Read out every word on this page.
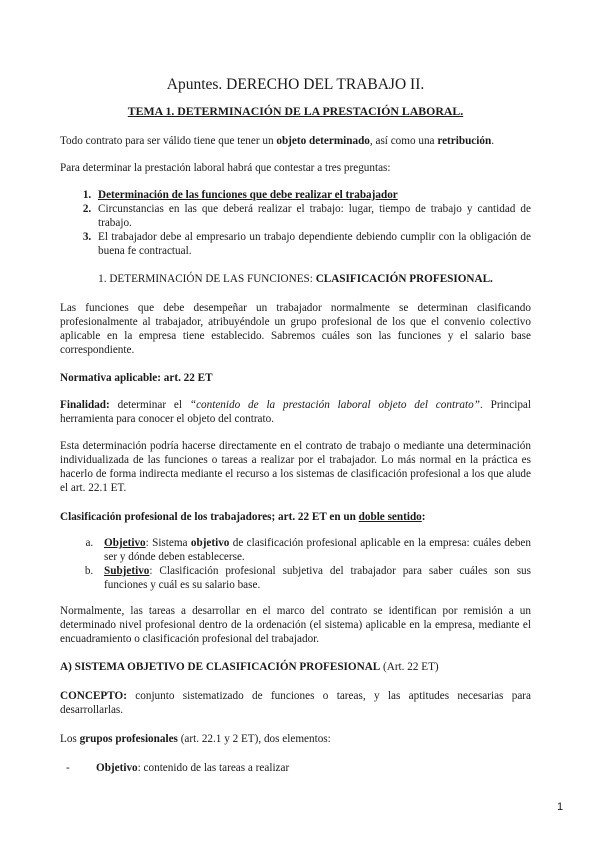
Apuntes. DERECHO DEL TRABAJO II.
TEMA 1. DETERMINACIÓN DE LA PRESTACIÓN LABORAL.
Todo contrato para ser válido tiene que tener un objeto determinado, así como una retribución.
Para determinar la prestación laboral habrá que contestar a tres preguntas:
1. Determinación de las funciones que debe realizar el trabajador
2. Circunstancias en las que deberá realizar el trabajo: lugar, tiempo de trabajo y cantidad de trabajo.
3. El trabajador debe al empresario un trabajo dependiente debiendo cumplir con la obligación de buena fe contractual.
1. DETERMINACIÓN DE LAS FUNCIONES: CLASIFICACIÓN PROFESIONAL.
Las funciones que debe desempeñar un trabajador normalmente se determinan clasificando profesionalmente al trabajador, atribuyéndole un grupo profesional de los que el convenio colectivo aplicable en la empresa tiene establecido. Sabremos cuáles son las funciones y el salario base correspondiente.
Normativa aplicable: art. 22 ET
Finalidad: determinar el “contenido de la prestación laboral objeto del contrato”. Principal herramienta para conocer el objeto del contrato.
Esta determinación podría hacerse directamente en el contrato de trabajo o mediante una determinación individualizada de las funciones o tareas a realizar por el trabajador. Lo más normal en la práctica es hacerlo de forma indirecta mediante el recurso a los sistemas de clasificación profesional a los que alude el art. 22.1 ET.
Clasificación profesional de los trabajadores; art. 22 ET en un doble sentido:
a. Objetivo: Sistema objetivo de clasificación profesional aplicable en la empresa: cuáles deben ser y dónde deben establecerse.
b. Subjetivo: Clasificación profesional subjetiva del trabajador para saber cuáles son sus funciones y cuál es su salario base.
Normalmente, las tareas a desarrollar en el marco del contrato se identifican por remisión a un determinado nivel profesional dentro de la ordenación (el sistema) aplicable en la empresa, mediante el encuadramiento o clasificación profesional del trabajador.
A) SISTEMA OBJETIVO DE CLASIFICACIÓN PROFESIONAL (Art. 22 ET)
CONCEPTO: conjunto sistematizado de funciones o tareas, y las aptitudes necesarias para desarrollarlas.
Los grupos profesionales (art. 22.1 y 2 ET), dos elementos:
- Objetivo: contenido de las tareas a realizar
1
